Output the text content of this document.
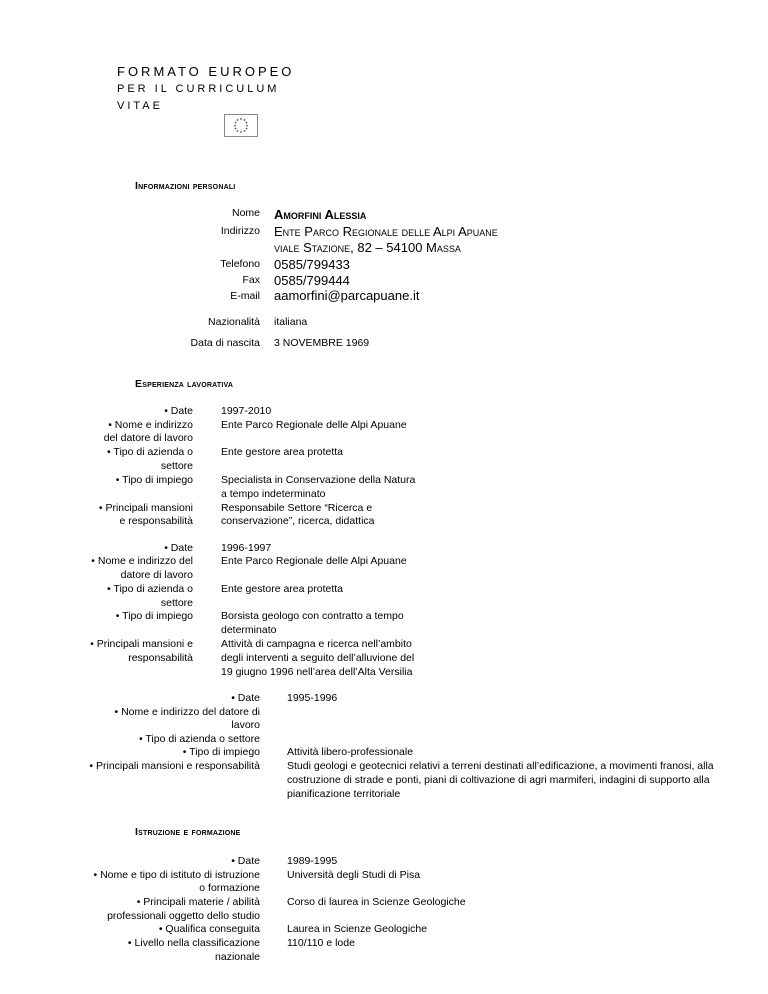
FORMATO EUROPEO
PER IL CURRICULUM
VITAE
Informazioni personali
Nome
Indirizzo
Telefono
Fax
E-mail
Nazionalità
Data di nascita
Amorfini Alessia
Ente Parco Regionale delle Alpi Apuane
viale Stazione, 82 – 54100 Massa
0585/799433
0585/799444
aamorfini@parcapuane.it
italiana
3 NOVEMBRE 1969
Esperienza lavorativa
• Date
• Nome e indirizzo
del datore di lavoro
• Tipo di azienda o
settore
• Tipo di impiego
• Principali mansioni
e responsabilità
1997-2010
Ente Parco Regionale delle Alpi Apuane
Ente gestore area protetta
Specialista in Conservazione della Natura
a tempo indeterminato
Responsabile Settore “Ricerca e
conservazione”, ricerca, didattica
• Date
• Nome e indirizzo del
datore di lavoro
• Tipo di azienda o
settore
• Tipo di impiego
• Principali mansioni e
responsabilità
1996-1997
Ente Parco Regionale delle Alpi Apuane
Ente gestore area protetta
Borsista geologo con contratto a tempo
determinato
Attività di campagna e ricerca nell’ambito
degli interventi a seguito dell’alluvione del
19 giugno 1996 nell’area dell’Alta Versilia
• Date
• Nome e indirizzo del datore di
lavoro
• Tipo di azienda o settore
• Tipo di impiego
• Principali mansioni e responsabilità
1995-1996
Attività libero-professionale
Studi geologi e geotecnici relativi a terreni destinati all’edificazione, a movimenti franosi, alla
costruzione di strade e ponti, piani di coltivazione di agri marmiferi, indagini di supporto alla
pianificazione territoriale
Istruzione e formazione
• Date
• Nome e tipo di istituto di istruzione
o formazione
• Principali materie / abilità
professionali oggetto dello studio
• Qualifica conseguita
• Livello nella classificazione
nazionale
1989-1995
Università degli Studi di Pisa
Corso di laurea in Scienze Geologiche
Laurea in Scienze Geologiche
110/110 e lode
